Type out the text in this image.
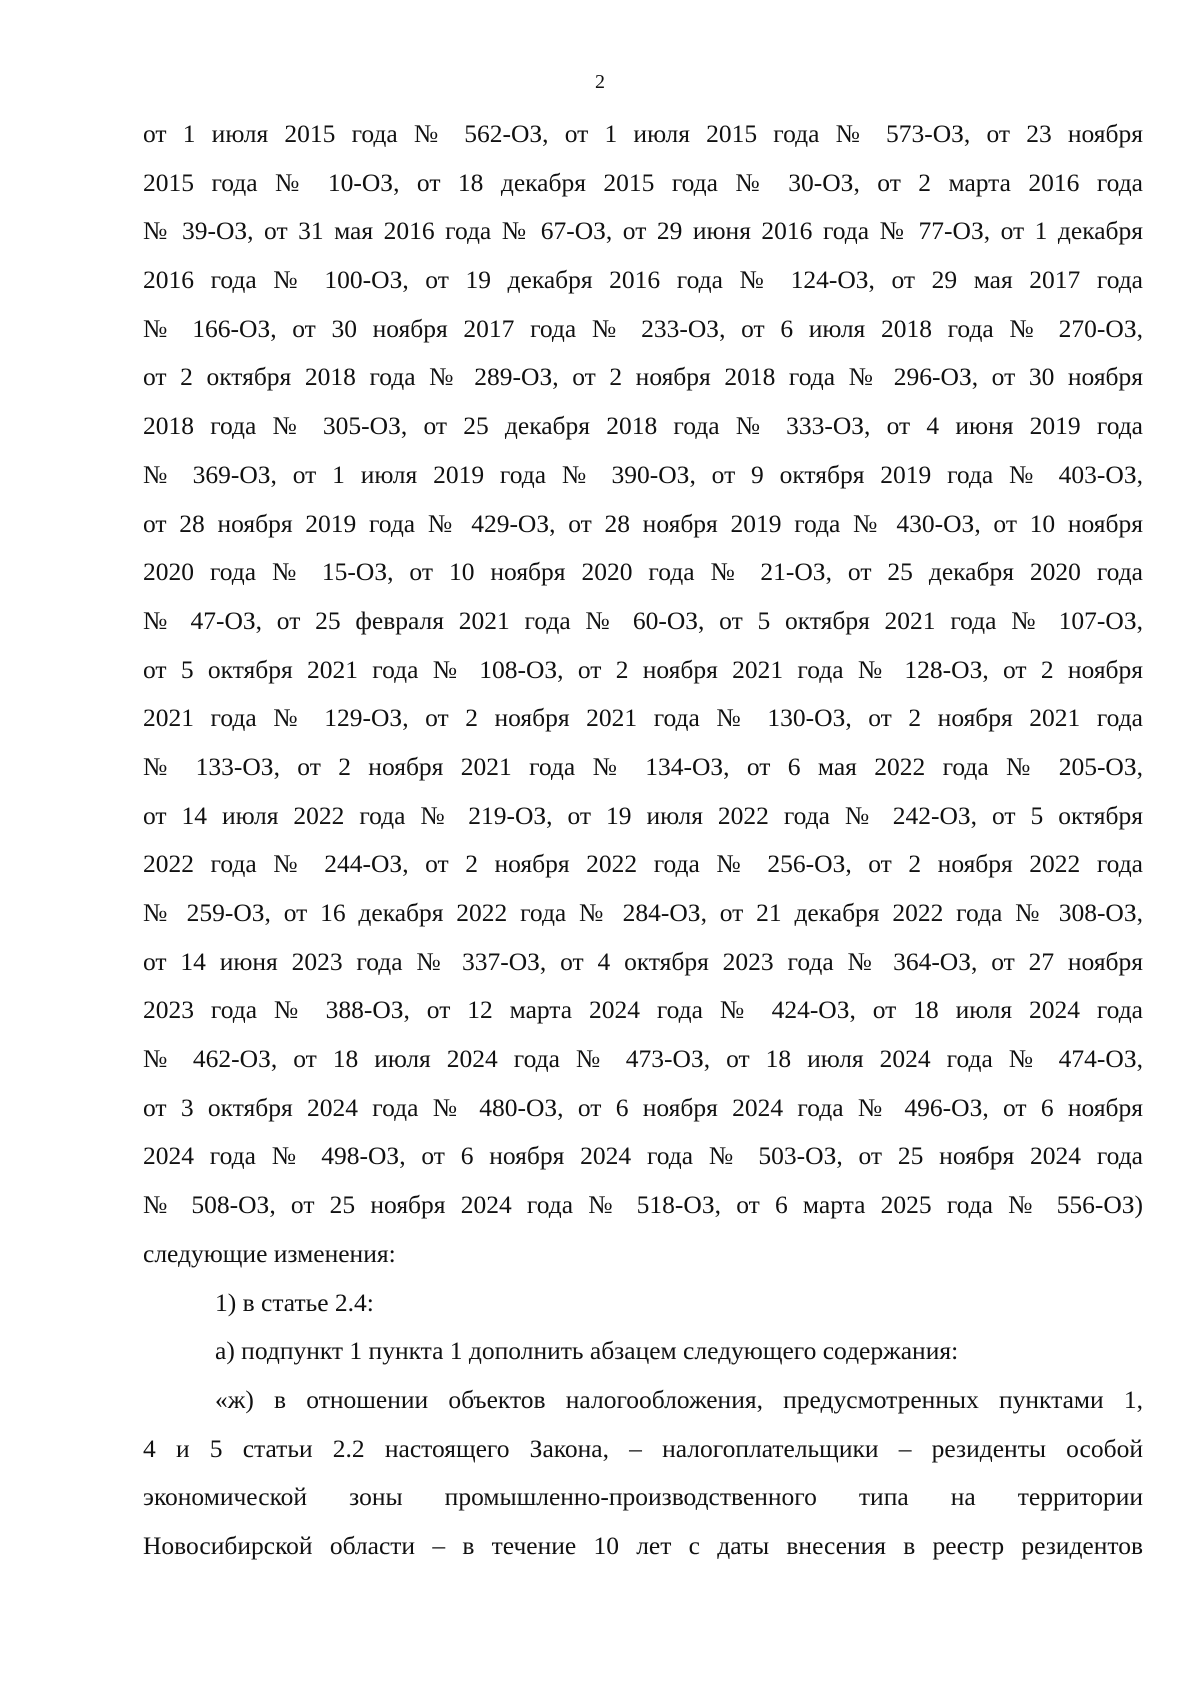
2
от 1 июля 2015 года № 562-ОЗ, от 1 июля 2015 года № 573-ОЗ, от 23 ноября
2015 года № 10-ОЗ, от 18 декабря 2015 года № 30-ОЗ, от 2 марта 2016 года
№ 39-ОЗ, от 31 мая 2016 года № 67-ОЗ, от 29 июня 2016 года № 77-ОЗ, от 1 декабря
2016 года № 100-ОЗ, от 19 декабря 2016 года № 124-ОЗ, от 29 мая 2017 года
№ 166-ОЗ, от 30 ноября 2017 года № 233-ОЗ, от 6 июля 2018 года № 270-ОЗ,
от 2 октября 2018 года № 289-ОЗ, от 2 ноября 2018 года № 296-ОЗ, от 30 ноября
2018 года № 305-ОЗ, от 25 декабря 2018 года № 333-ОЗ, от 4 июня 2019 года
№ 369-ОЗ, от 1 июля 2019 года № 390-ОЗ, от 9 октября 2019 года № 403-ОЗ,
от 28 ноября 2019 года № 429-ОЗ, от 28 ноября 2019 года № 430-ОЗ, от 10 ноября
2020 года № 15-ОЗ, от 10 ноября 2020 года № 21-ОЗ, от 25 декабря 2020 года
№ 47-ОЗ, от 25 февраля 2021 года № 60-ОЗ, от 5 октября 2021 года № 107-ОЗ,
от 5 октября 2021 года № 108-ОЗ, от 2 ноября 2021 года № 128-ОЗ, от 2 ноября
2021 года № 129-ОЗ, от 2 ноября 2021 года № 130-ОЗ, от 2 ноября 2021 года
№ 133-ОЗ, от 2 ноября 2021 года № 134-ОЗ, от 6 мая 2022 года № 205-ОЗ,
от 14 июля 2022 года № 219-ОЗ, от 19 июля 2022 года № 242-ОЗ, от 5 октября
2022 года № 244-ОЗ, от 2 ноября 2022 года № 256-ОЗ, от 2 ноября 2022 года
№ 259-ОЗ, от 16 декабря 2022 года № 284-ОЗ, от 21 декабря 2022 года № 308-ОЗ,
от 14 июня 2023 года № 337-ОЗ, от 4 октября 2023 года № 364-ОЗ, от 27 ноября
2023 года № 388-ОЗ, от 12 марта 2024 года № 424-ОЗ, от 18 июля 2024 года
№ 462-ОЗ, от 18 июля 2024 года № 473-ОЗ, от 18 июля 2024 года № 474-ОЗ,
от 3 октября 2024 года № 480-ОЗ, от 6 ноября 2024 года № 496-ОЗ, от 6 ноября
2024 года № 498-ОЗ, от 6 ноября 2024 года № 503-ОЗ, от 25 ноября 2024 года
№ 508-ОЗ, от 25 ноября 2024 года № 518-ОЗ, от 6 марта 2025 года № 556-ОЗ)
следующие изменения:
1) в статье 2.4:
а) подпункт 1 пункта 1 дополнить абзацем следующего содержания:
«ж) в отношении объектов налогообложения, предусмотренных пунктами 1,
4 и 5 статьи 2.2 настоящего Закона, – налогоплательщики – резиденты особой
экономической зоны промышленно-производственного типа на территории
Новосибирской области – в течение 10 лет с даты внесения в реестр резидентов
